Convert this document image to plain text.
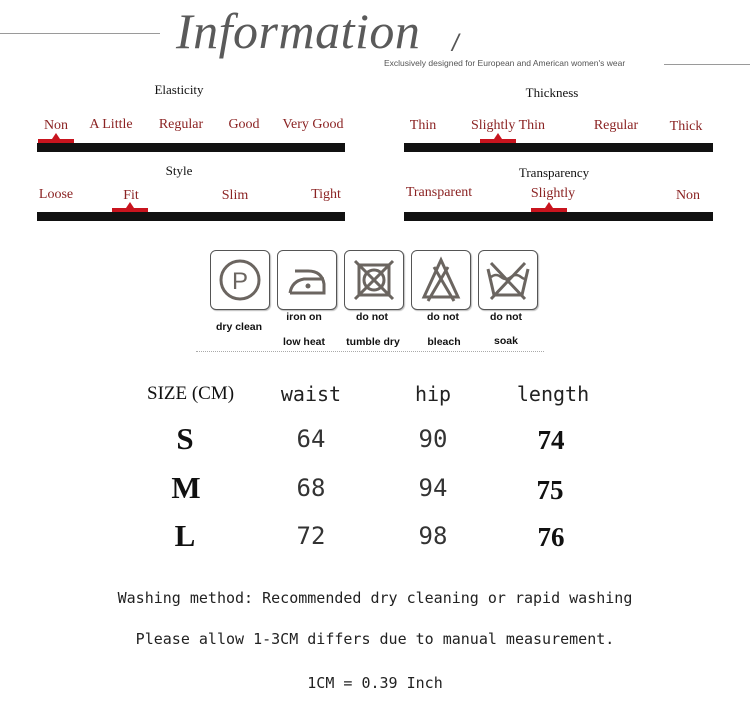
Information /
Exclusively designed for European and American women's wear
Elasticity
Non A Little Regular Good Very Good
Thickness
Thin Slightly Thin	Regular Thick
Style
Loose	Fit	Slim	Tight
Transparency
Transparent	Slightly	Non
P
dry clean
iron on
low heat
do not
tumble dry
do not
bleach
do not
soak
SIZE (CM) waist	hip	length
S	64	90	74
M	68	94	75
L	72	98	76
Washing method: Recommended dry cleaning or rapid washing
Please allow 1-3CM differs due to manual measurement.
1CM = 0.39 Inch
